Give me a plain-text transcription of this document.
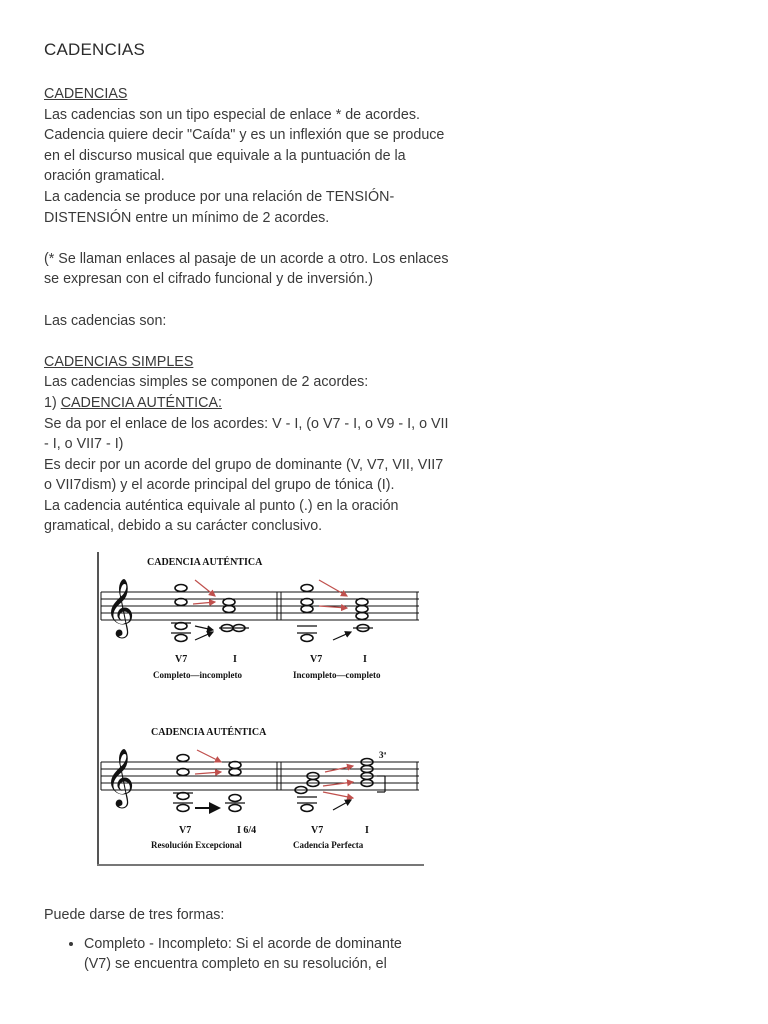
CADENCIAS

CADENCIAS

Las cadencias son un tipo especial de enlace * de acordes.

Cadencia quiere decir "Caída" y es un inflexión que se produce

en el discurso musical que equivale a la puntuación de la

oración gramatical.

La cadencia se produce por una relación de TENSIÓN-

DISTENSIÓN entre un mínimo de 2 acordes.

(* Se llaman enlaces al pasaje de un acorde a otro. Los enlaces

se expresan con el cifrado funcional y de inversión.)

Las cadencias son:

CADENCIAS SIMPLES

Las cadencias simples se componen de 2 acordes:

1) CADENCIA AUTÉNTICA:

Se da por el enlace de los acordes: V - I, (o V7 - I, o V9 - I, o VII

- I, o VII7 - I)

Es decir por un acorde del grupo de dominante (V, V7, VII, VII7

o VII7dism) y el acorde principal del grupo de tónica (I).

La cadencia auténtica equivale al punto (.) en la oración

gramatical, debido a su carácter conclusivo.

CADENCIA AUTÉNTICA
𝄞
V7	I	V7	I
Completo—incompleto	Incompleto—completo
CADENCIA AUTÉNTICA
3ª
𝄞
V7	I 6/4	V7	I
Resolución Excepcional	Cadencia Perfecta

Puede darse de tres formas:

• Completo - Incompleto: Si el acorde de dominante
(V7) se encuentra completo en su resolución, el
